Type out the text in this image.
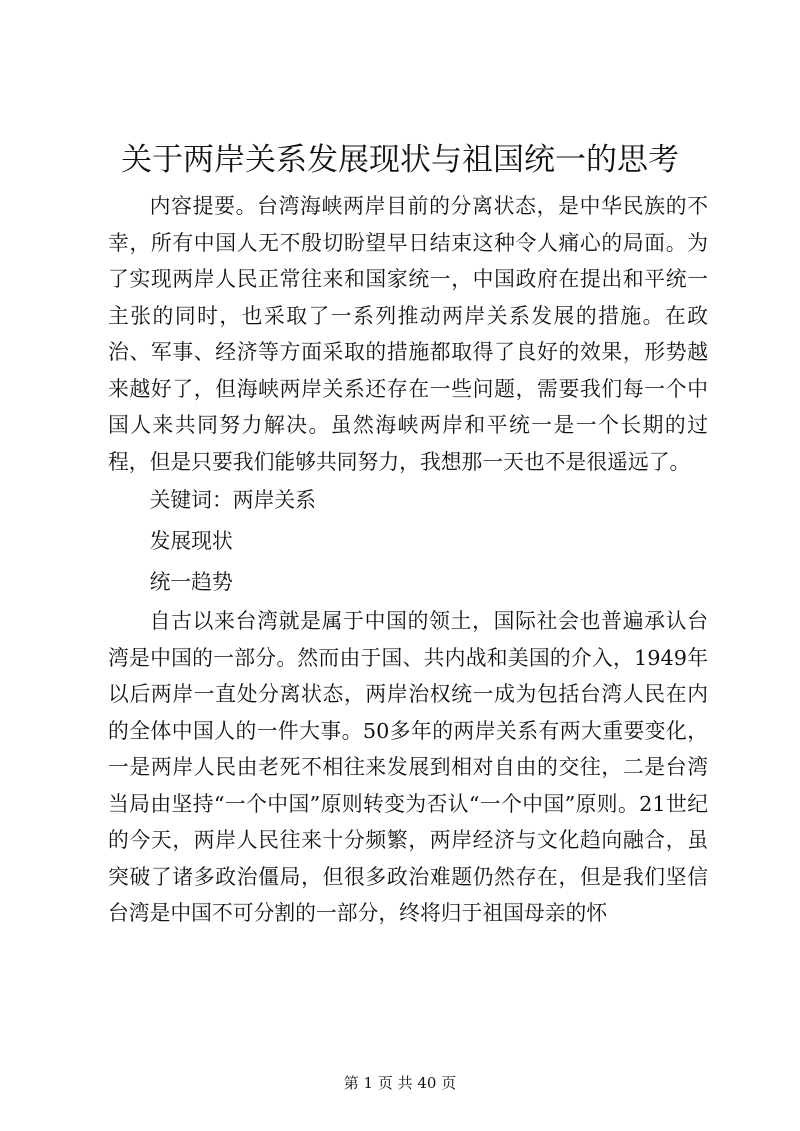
关于两岸关系发展现状与祖国统一的思考

内容提要。台湾海峡两岸目前的分离状态，是中华民族的不幸，所有中国人无不殷切盼望早日结束这种令人痛心的局面。为了实现两岸人民正常往来和国家统一，中国政府在提出和平统一主张的同时，也采取了一系列推动两岸关系发展的措施。在政治、军事、经济等方面采取的措施都取得了良好的效果，形势越来越好了，但海峡两岸关系还存在一些问题，需要我们每一个中国人来共同努力解决。虽然海峡两岸和平统一是一个长期的过程，但是只要我们能够共同努力，我想那一天也不是很遥远了。

关键词：两岸关系

发展现状

统一趋势

自古以来台湾就是属于中国的领土，国际社会也普遍承认台湾是中国的一部分。然而由于国、共内战和美国的介入，1949年以后两岸一直处分离状态，两岸治权统一成为包括台湾人民在内的全体中国人的一件大事。50多年的两岸关系有两大重要变化，一是两岸人民由老死不相往来发展到相对自由的交往，二是台湾当局由坚持“一个中国”原则转变为否认“一个中国”原则。21世纪的今天，两岸人民往来十分频繁，两岸经济与文化趋向融合，虽突破了诸多政治僵局，但很多政治难题仍然存在，但是我们坚信台湾是中国不可分割的一部分，终将归于祖国母亲的怀

第 1 页 共 40 页
